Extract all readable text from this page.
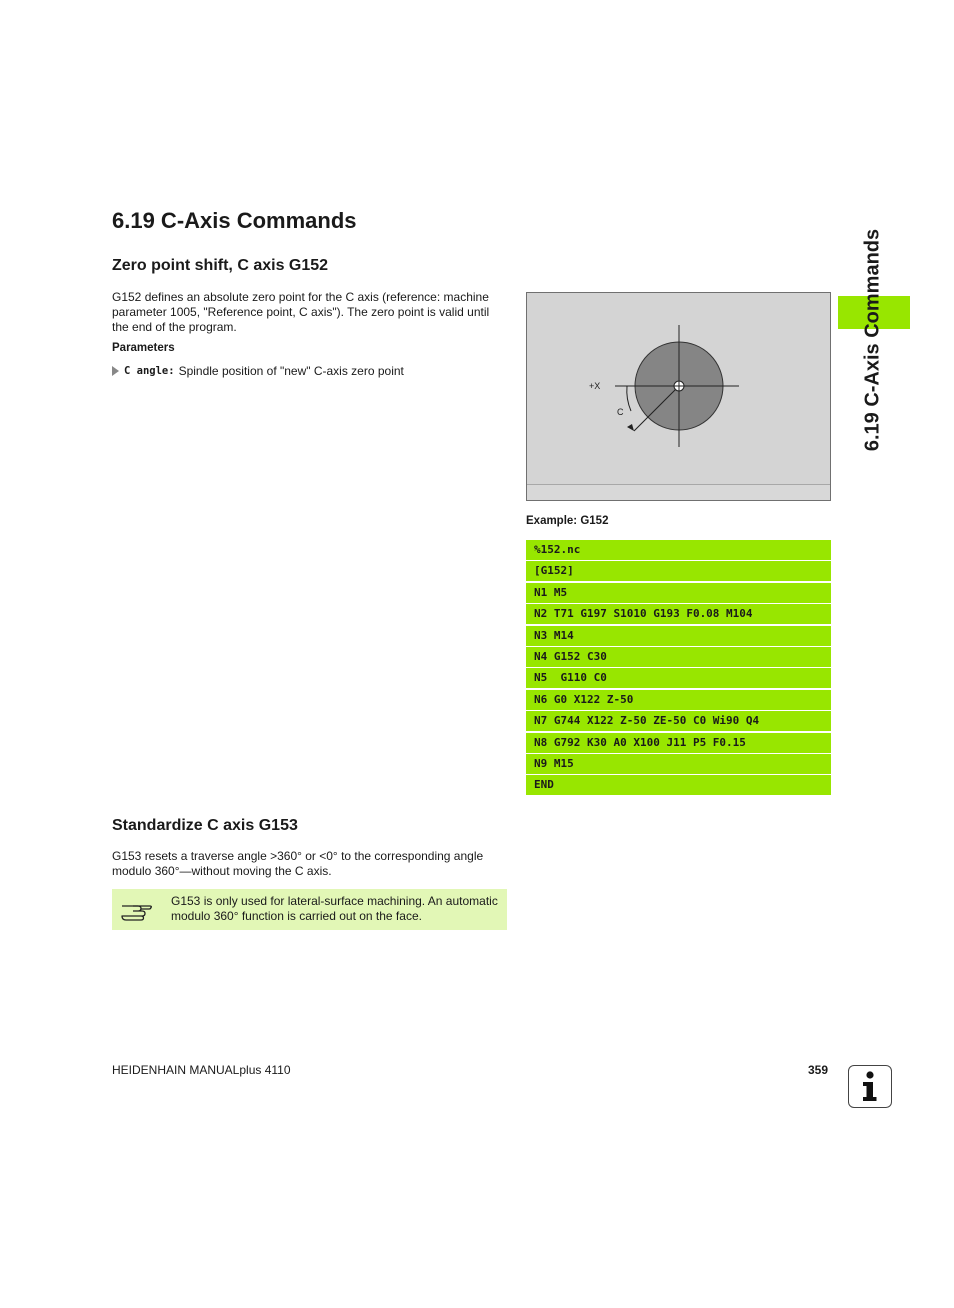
6.19 C-Axis Commands
Zero point shift, C axis G152

G152 defines an absolute zero point for the C axis (reference: machine parameter 1005, "Reference point, C axis"). The zero point is valid until the end of the program.

Parameters
C angle: Spindle position of "new" C-axis zero point
+X
C
Example: G152
%152.nc
[G152]
N1 M5
N2 T71 G197 S1010 G193 F0.08 M104
N3 M14
N4 G152 C30
N5  G110 C0
N6 G0 X122 Z-50
N7 G744 X122 Z-50 ZE-50 C0 Wi90 Q4
N8 G792 K30 A0 X100 J11 P5 F0.15
N9 M15
END
Standardize C axis G153

G153 resets a traverse angle >360° or <0° to the corresponding angle modulo 360°—without moving the C axis.

G153 is only used for lateral-surface machining. An automatic modulo 360° function is carried out on the face.
6.19 C-Axis Commands
HEIDENHAIN MANUALplus 4110	359
